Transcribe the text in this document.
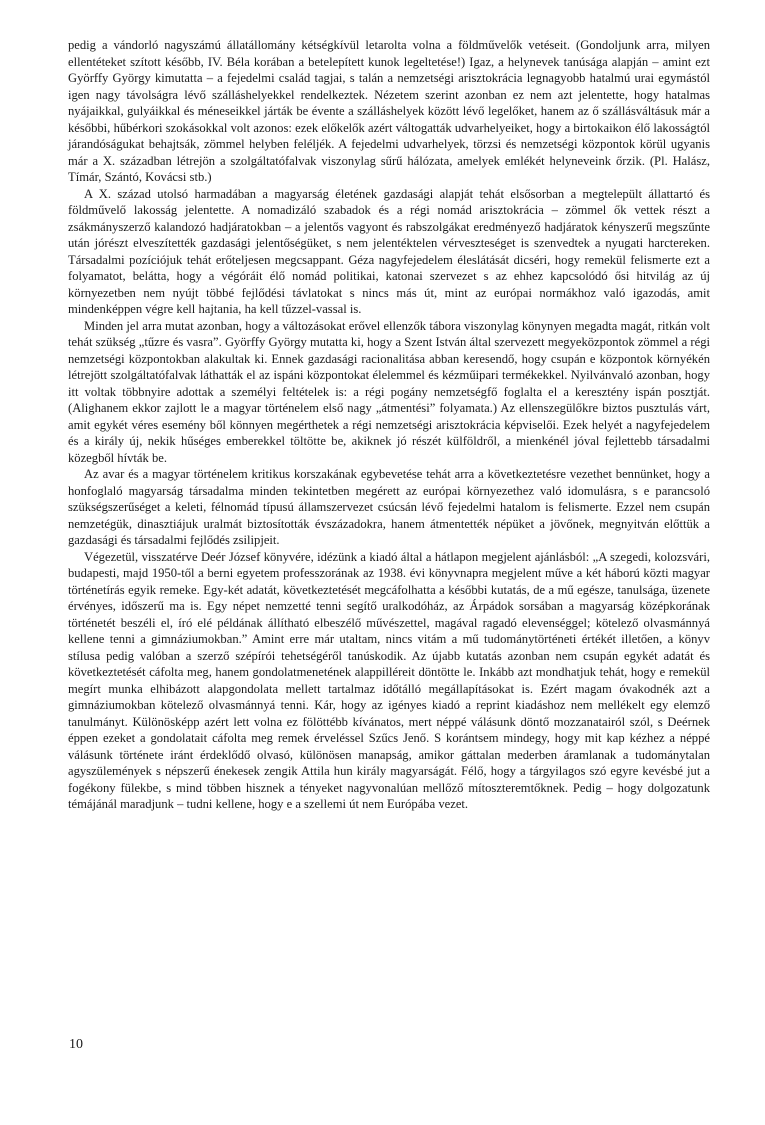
pedig a vándorló nagyszámú állatállomány kétségkívül letarolta volna a földművelők vetéseit. (Gondoljunk arra, milyen ellentéteket szított később, IV. Béla korában a betelepített kunok legeltetése!) Igaz, a helynevek tanúsága alapján – amint ezt Györffy György kimutatta – a fejedelmi család tagjai, s talán a nemzetségi arisztokrácia legnagyobb hatalmú urai egymástól igen nagy távolságra lévő szálláshelyekkel rendelkeztek. Nézetem szerint azonban ez nem azt jelentette, hogy hatalmas nyájaikkal, gulyáikkal és méneseikkel járták be évente a szálláshelyek között lévő legelőket, hanem az ő szállásváltásuk már a későbbi, hűbérkori szokásokkal volt azonos: ezek előkelők azért váltogatták udvarhelyeiket, hogy a birtokaikon élő lakosságtól járandóságukat behajtsák, zömmel helyben feléljék. A fejedelmi udvarhelyek, törzsi és nemzetségi központok körül ugyanis már a X. században létrejön a szolgáltatófalvak viszonylag sűrű hálózata, amelyek emlékét helyneveink őrzik. (Pl. Halász, Tímár, Szántó, Kovácsi stb.)

A X. század utolsó harmadában a magyarság életének gazdasági alapját tehát elsősorban a megtelepült állattartó és földművelő lakosság jelentette. A nomadizáló szabadok és a régi nomád arisztokrácia – zömmel ők vettek részt a zsákmányszerző kalandozó hadjáratokban – a jelentős vagyont és rabszolgákat eredményező hadjáratok kényszerű megszűnte után jórészt elveszítették gazdasági jelentőségüket, s nem jelentéktelen vérveszteséget is szenvedtek a nyugati harctereken. Társadalmi pozíciójuk tehát erőteljesen megcsappant. Géza nagyfejedelem éleslátását dicséri, hogy remekül felismerte ezt a folyamatot, belátta, hogy a végóráit élő nomád politikai, katonai szervezet s az ehhez kapcsolódó ősi hitvilág az új környezetben nem nyújt többé fejlődési távlatokat s nincs más út, mint az európai normákhoz való igazodás, amit mindenképpen végre kell hajtania, ha kell tűzzel-vassal is.

Minden jel arra mutat azonban, hogy a változásokat erővel ellenzők tábora viszonylag könynyen megadta magát, ritkán volt tehát szükség „tűzre és vasra”. Györffy György mutatta ki, hogy a Szent István által szervezett megyeközpontok zömmel a régi nemzetségi központokban alakultak ki. Ennek gazdasági racionalitása abban keresendő, hogy csupán e központok környékén létrejött szolgáltatófalvak láthatták el az ispáni központokat élelemmel és kézműipari termékekkel. Nyilvánvaló azonban, hogy itt voltak többnyire adottak a személyi feltételek is: a régi pogány nemzetségfő foglalta el a keresztény ispán posztját. (Alighanem ekkor zajlott le a magyar történelem első nagy „átmentési” folyamata.) Az ellenszegülőkre biztos pusztulás várt, amit egykét véres esemény ből könnyen megérthetek a régi nemzetségi arisztokrácia képviselői. Ezek helyét a nagyfejedelem és a király új, nekik hűséges emberekkel töltötte be, akiknek jó részét külföldről, a mienkénél jóval fejlettebb társadalmi közegből hívták be.

Az avar és a magyar történelem kritikus korszakának egybevetése tehát arra a következtetésre vezethet bennünket, hogy a honfoglaló magyarság társadalma minden tekintetben megérett az európai környezethez való idomulásra, s e parancsoló szükségszerűséget a keleti, félnomád típusú államszervezet csúcsán lévő fejedelmi hatalom is felismerte. Ezzel nem csupán nemzetégük, dinasztiájuk uralmát biztosították évszázadokra, hanem átmentették népüket a jövőnek, megnyitván előttük a gazdasági és társadalmi fejlődés zsilipjeit.

Végezetül, visszatérve Deér József könyvére, idézünk a kiadó által a hátlapon megjelent ajánlásból: „A szegedi, kolozsvári, budapesti, majd 1950-től a berni egyetem professzorának az 1938. évi könyvnapra megjelent műve a két háború közti magyar történetírás egyik remeke. Egy-két adatát, következtetését megcáfolhatta a későbbi kutatás, de a mű egésze, tanulsága, üzenete érvényes, időszerű ma is. Egy népet nemzetté tenni segítő uralkodóház, az Árpádok sorsában a magyarság középkorának történetét beszéli el, író elé példának állítható elbeszélő művészettel, magával ragadó elevenséggel; kötelező olvasmánnyá kellene tenni a gimnáziumokban.” Amint erre már utaltam, nincs vitám a mű tudománytörténeti értékét illetően, a könyv stílusa pedig valóban a szerző szépírói tehetségéről tanúskodik. Az újabb kutatás azonban nem csupán egykét adatát és következtetését cáfolta meg, hanem gondolatmenetének alappilléreit döntötte le. Inkább azt mondhatjuk tehát, hogy e remekül megírt munka elhibázott alapgondolata mellett tartalmaz időtálló megállapításokat is. Ezért magam óvakodnék azt a gimnáziumokban kötelező olvasmánnyá tenni. Kár, hogy az igényes kiadó a reprint kiadáshoz nem mellékelt egy elemző tanulmányt. Különösképp azért lett volna ez fölöttébb kívánatos, mert néppé válásunk döntő mozzanatairól szól, s Deérnek éppen ezeket a gondolatait cáfolta meg remek érveléssel Szűcs Jenő. S korántsem mindegy, hogy mit kap kézhez a néppé válásunk története iránt érdeklődő olvasó, különösen manapság, amikor gáttalan mederben áramlanak a tudománytalan agyszülemények s népszerű énekesek zengik Attila hun király magyarságát. Félő, hogy a tárgyilagos szó egyre kevésbé jut a fogékony fülekbe, s mind többen hisznek a tényeket nagyvonalúan mellőző mítoszteremtőknek. Pedig – hogy dolgozatunk témájánál maradjunk – tudni kellene, hogy e a szellemi út nem Európába vezet.

10
